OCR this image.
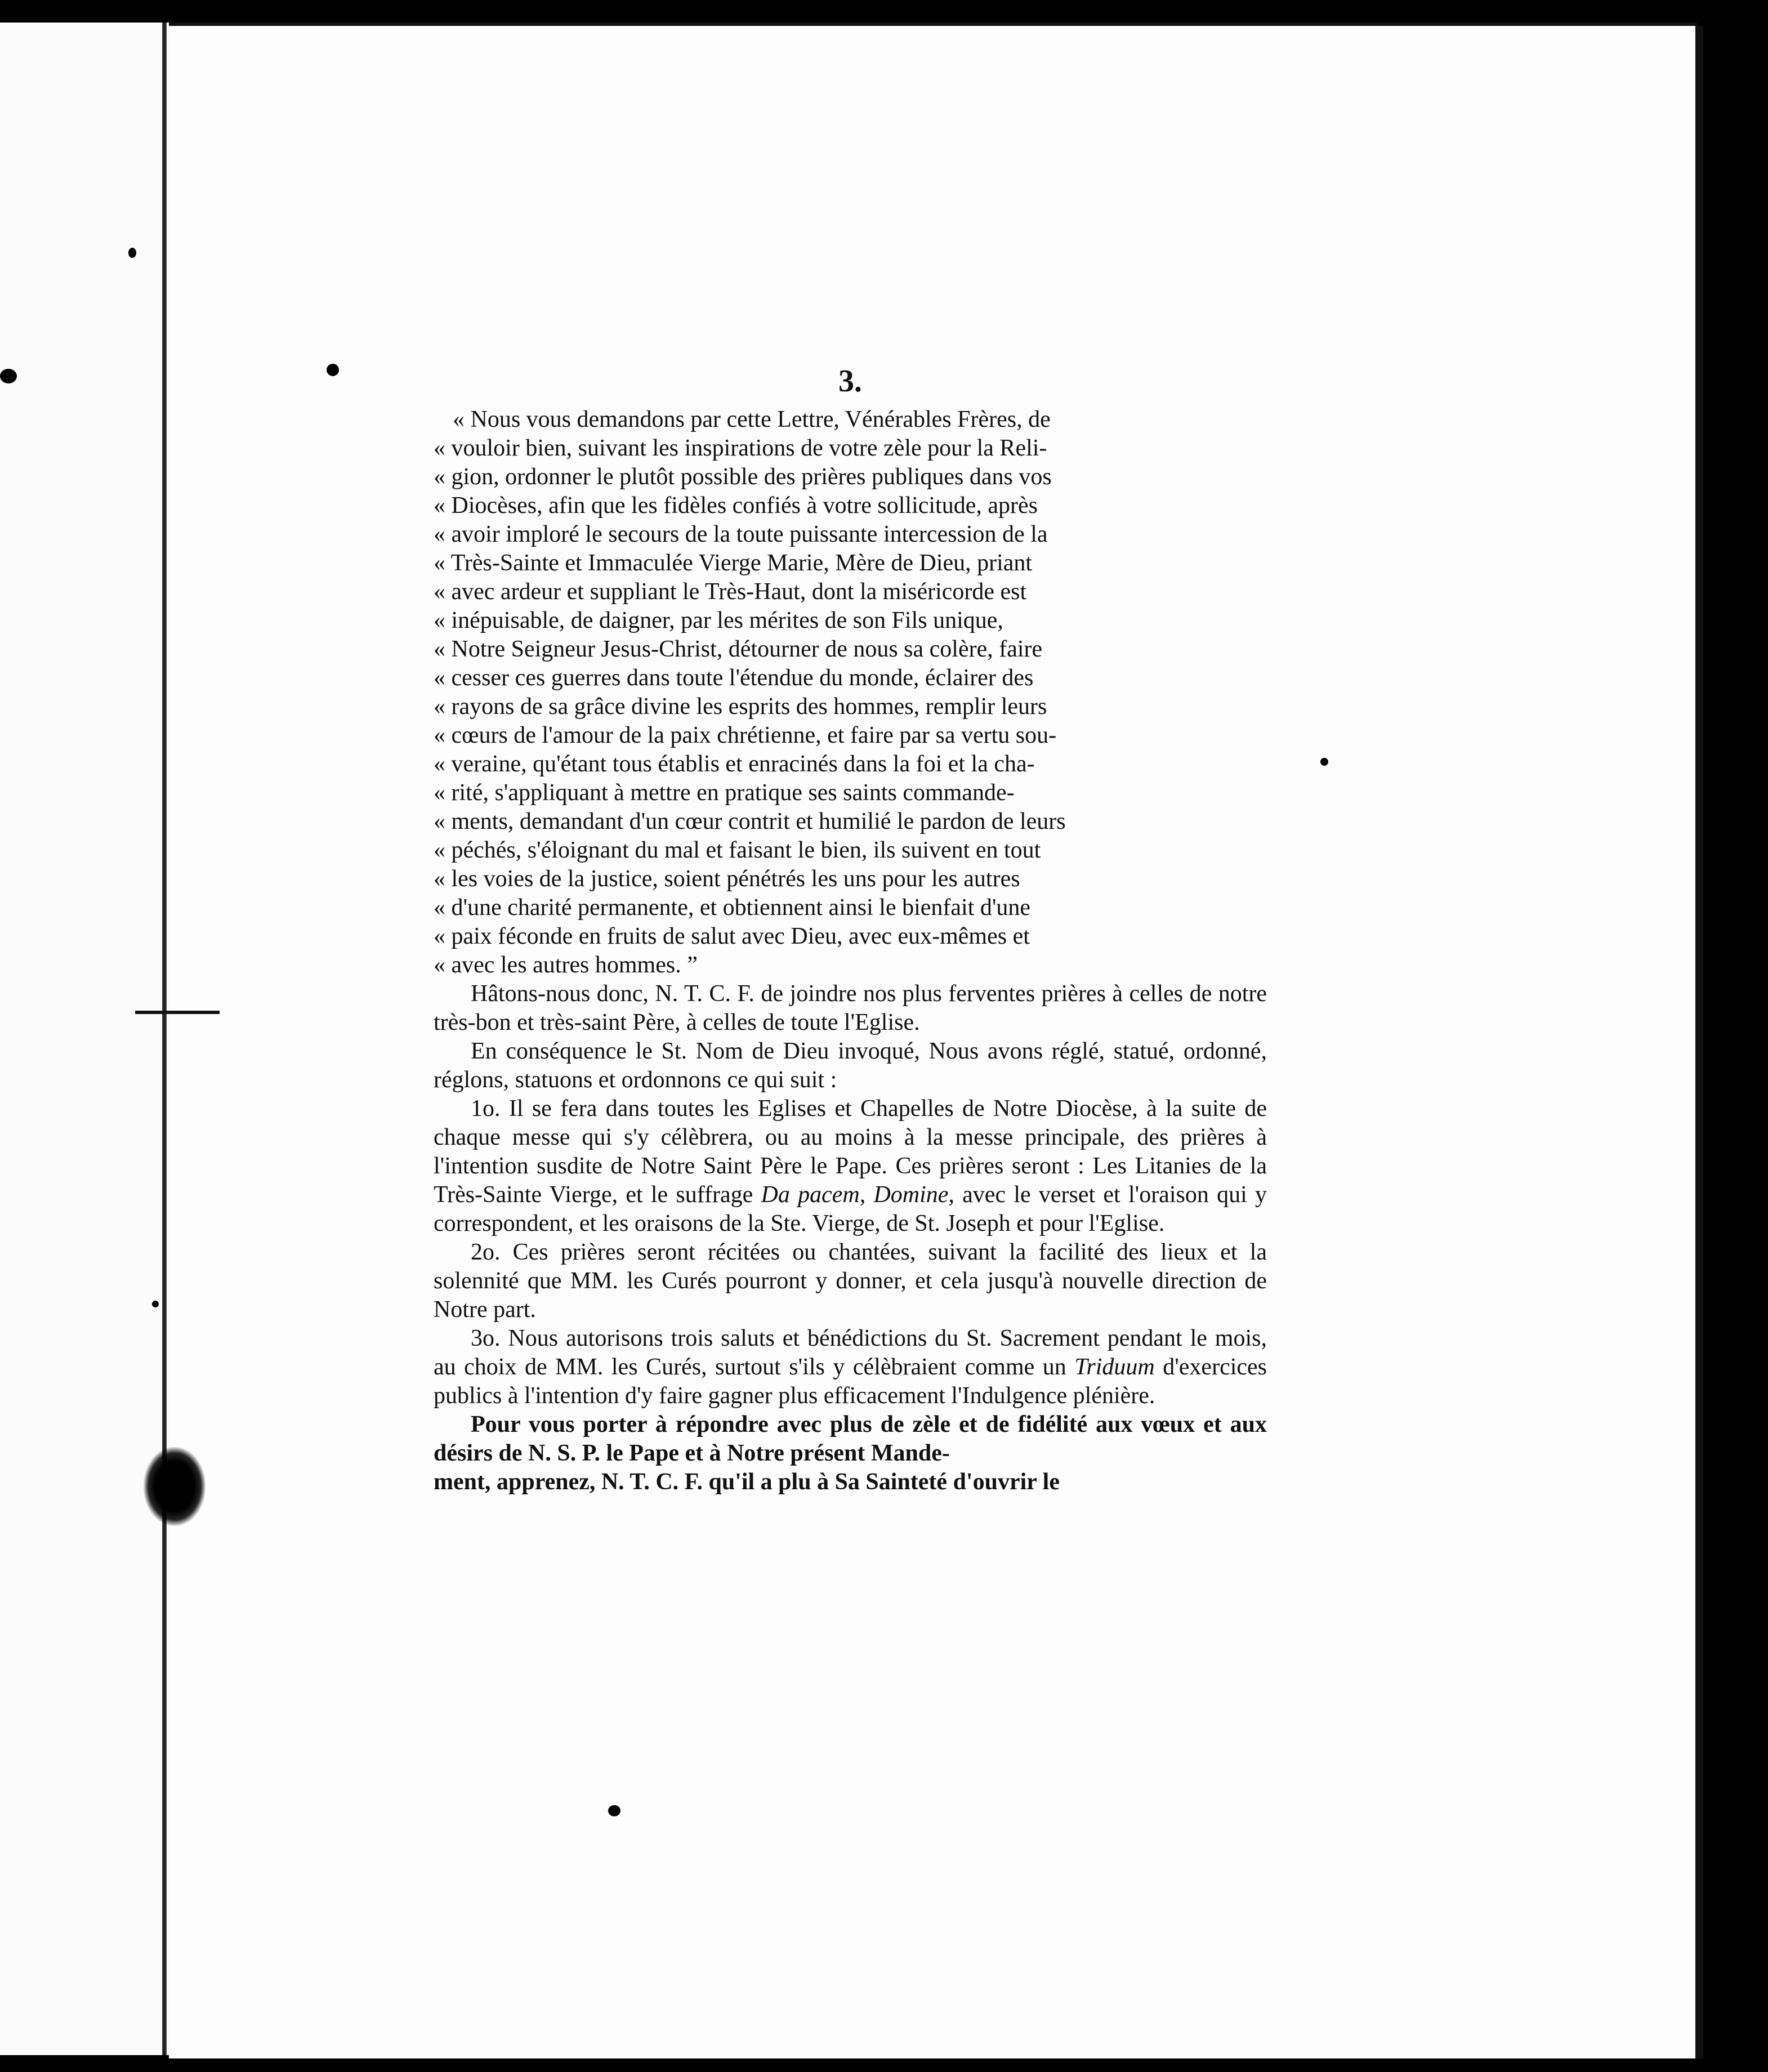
3.

« Nous vous demandons par cette Lettre, Vénérables Frères, de

« vouloir bien, suivant les inspirations de votre zèle pour la Reli-

« gion, ordonner le plutôt possible des prières publiques dans vos

« Diocèses, afin que les fidèles confiés à votre sollicitude, après

« avoir imploré le secours de la toute puissante intercession de la

« Très-Sainte et Immaculée Vierge Marie, Mère de Dieu, priant

« avec ardeur et suppliant le Très-Haut, dont la miséricorde est

« inépuisable, de daigner, par les mérites de son Fils unique,

« Notre Seigneur Jesus-Christ, détourner de nous sa colère, faire

« cesser ces guerres dans toute l'étendue du monde, éclairer des

« rayons de sa grâce divine les esprits des hommes, remplir leurs

« cœurs de l'amour de la paix chrétienne, et faire par sa vertu sou-

« veraine, qu'étant tous établis et enracinés dans la foi et la cha-

« rité, s'appliquant à mettre en pratique ses saints commande-

« ments, demandant d'un cœur contrit et humilié le pardon de leurs

« péchés, s'éloignant du mal et faisant le bien, ils suivent en tout

« les voies de la justice, soient pénétrés les uns pour les autres

« d'une charité permanente, et obtiennent ainsi le bienfait d'une

« paix féconde en fruits de salut avec Dieu, avec eux-mêmes et

« avec les autres hommes. ”

Hâtons-nous donc, N. T. C. F. de joindre nos plus ferventes prières à celles de notre très-bon et très-saint Père, à celles de toute l'Eglise.

En conséquence le St. Nom de Dieu invoqué, Nous avons réglé, statué, ordonné, réglons, statuons et ordonnons ce qui suit :

1o. Il se fera dans toutes les Eglises et Chapelles de Notre Diocèse, à la suite de chaque messe qui s'y célèbrera, ou au moins à la messe principale, des prières à l'intention susdite de Notre Saint Père le Pape. Ces prières seront : Les Litanies de la Très-Sainte Vierge, et le suffrage Da pacem, Domine, avec le verset et l'oraison qui y correspondent, et les oraisons de la Ste. Vierge, de St. Joseph et pour l'Eglise.

2o. Ces prières seront récitées ou chantées, suivant la facilité des lieux et la solennité que MM. les Curés pourront y donner, et cela jusqu'à nouvelle direction de Notre part.

3o. Nous autorisons trois saluts et bénédictions du St. Sacrement pendant le mois, au choix de MM. les Curés, surtout s'ils y célèbraient comme un Triduum d'exercices publics à l'intention d'y faire gagner plus efficacement l'Indulgence plénière.

Pour vous porter à répondre avec plus de zèle et de fidélité aux vœux et aux désirs de N. S. P. le Pape et à Notre présent Mande-
ment, apprenez, N. T. C. F. qu'il a plu à Sa Sainteté d'ouvrir le
